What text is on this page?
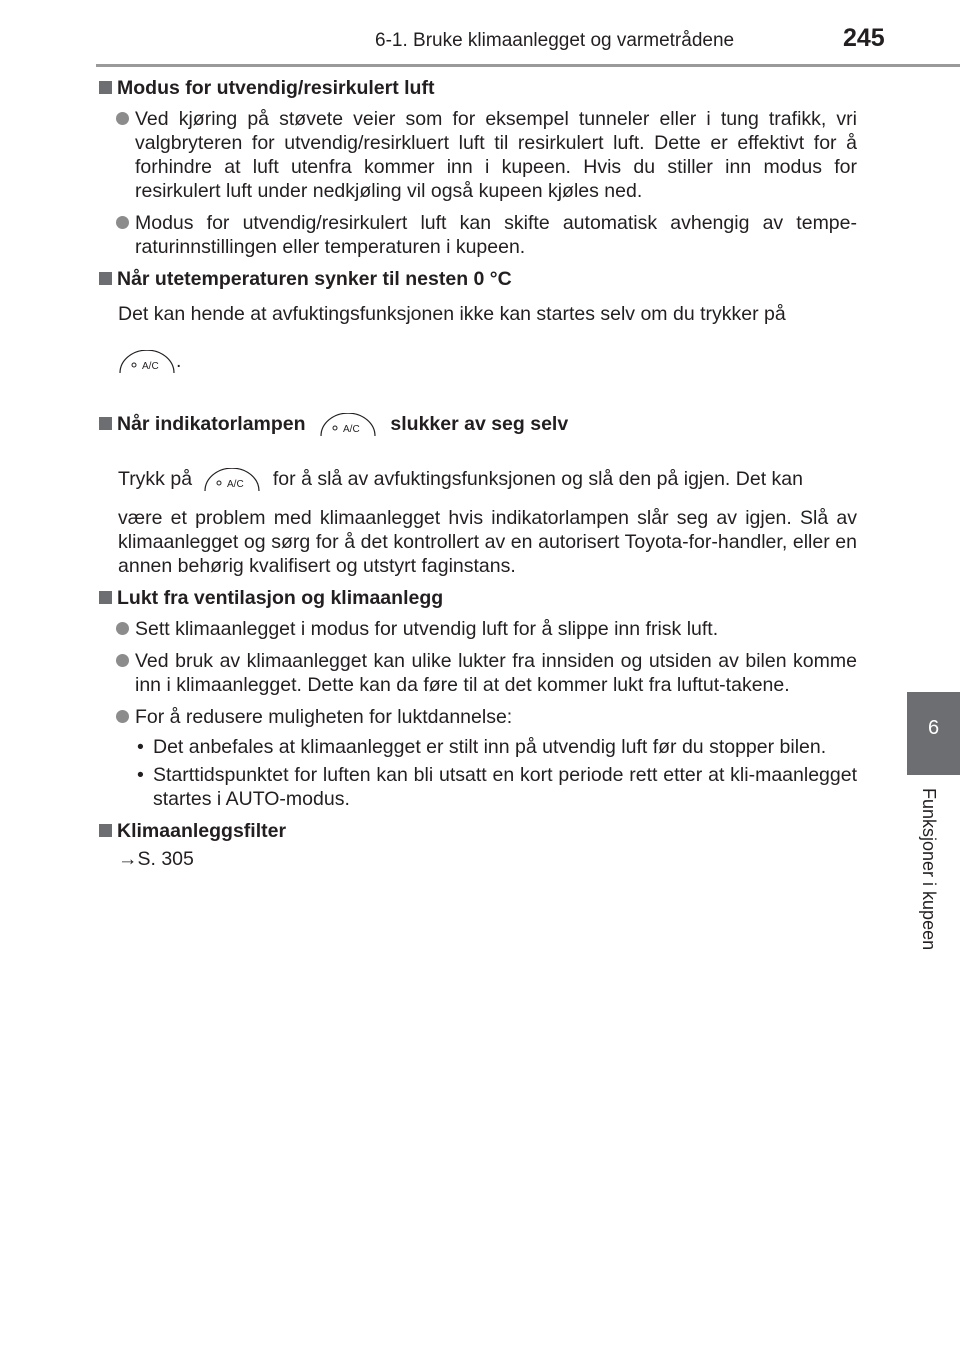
6-1. Bruke klimaanlegget og varmetrådene	245
6
Funksjoner i kupeen
Modus for utvendig/resirkulert luft
Ved kjøring på støvete veier som for eksempel tunneler eller i tung trafikk, vri valgbryteren for utvendig/resirkluert luft til resirkulert luft. Dette er effektivt for å forhindre at luft utenfra kommer inn i kupeen. Hvis du stiller inn modus for resirkulert luft under nedkjøling vil også kupeen kjøles ned.
Modus for utvendig/resirkulert luft kan skifte automatisk avhengig av tempe-raturinnstillingen eller temperaturen i kupeen.
Når utetemperaturen synker til nesten 0 °C
Det kan hende at avfuktingsfunksjonen ikke kan startes selv om du trykker på
A/C .
Når indikatorlampen	A/C slukker av seg selv
Trykk på	A/C for å slå av avfuktingsfunksjonen og slå den på igjen. Det kan
være et problem med klimaanlegget hvis indikatorlampen slår seg av igjen. Slå av klimaanlegget og sørg for å det kontrollert av en autorisert Toyota-for-handler, eller en annen behørig kvalifisert og utstyrt faginstans.
Lukt fra ventilasjon og klimaanlegg
Sett klimaanlegget i modus for utvendig luft for å slippe inn frisk luft.
Ved bruk av klimaanlegget kan ulike lukter fra innsiden og utsiden av bilen komme inn i klimaanlegget. Dette kan da føre til at det kommer lukt fra luftut-takene.
For å redusere muligheten for luktdannelse:
• Det anbefales at klimaanlegget er stilt inn på utvendig luft før du stopper bilen.
• Starttidspunktet for luften kan bli utsatt en kort periode rett etter at kli-maanlegget startes i AUTO-modus.
Klimaanleggsfilter
→S. 305
